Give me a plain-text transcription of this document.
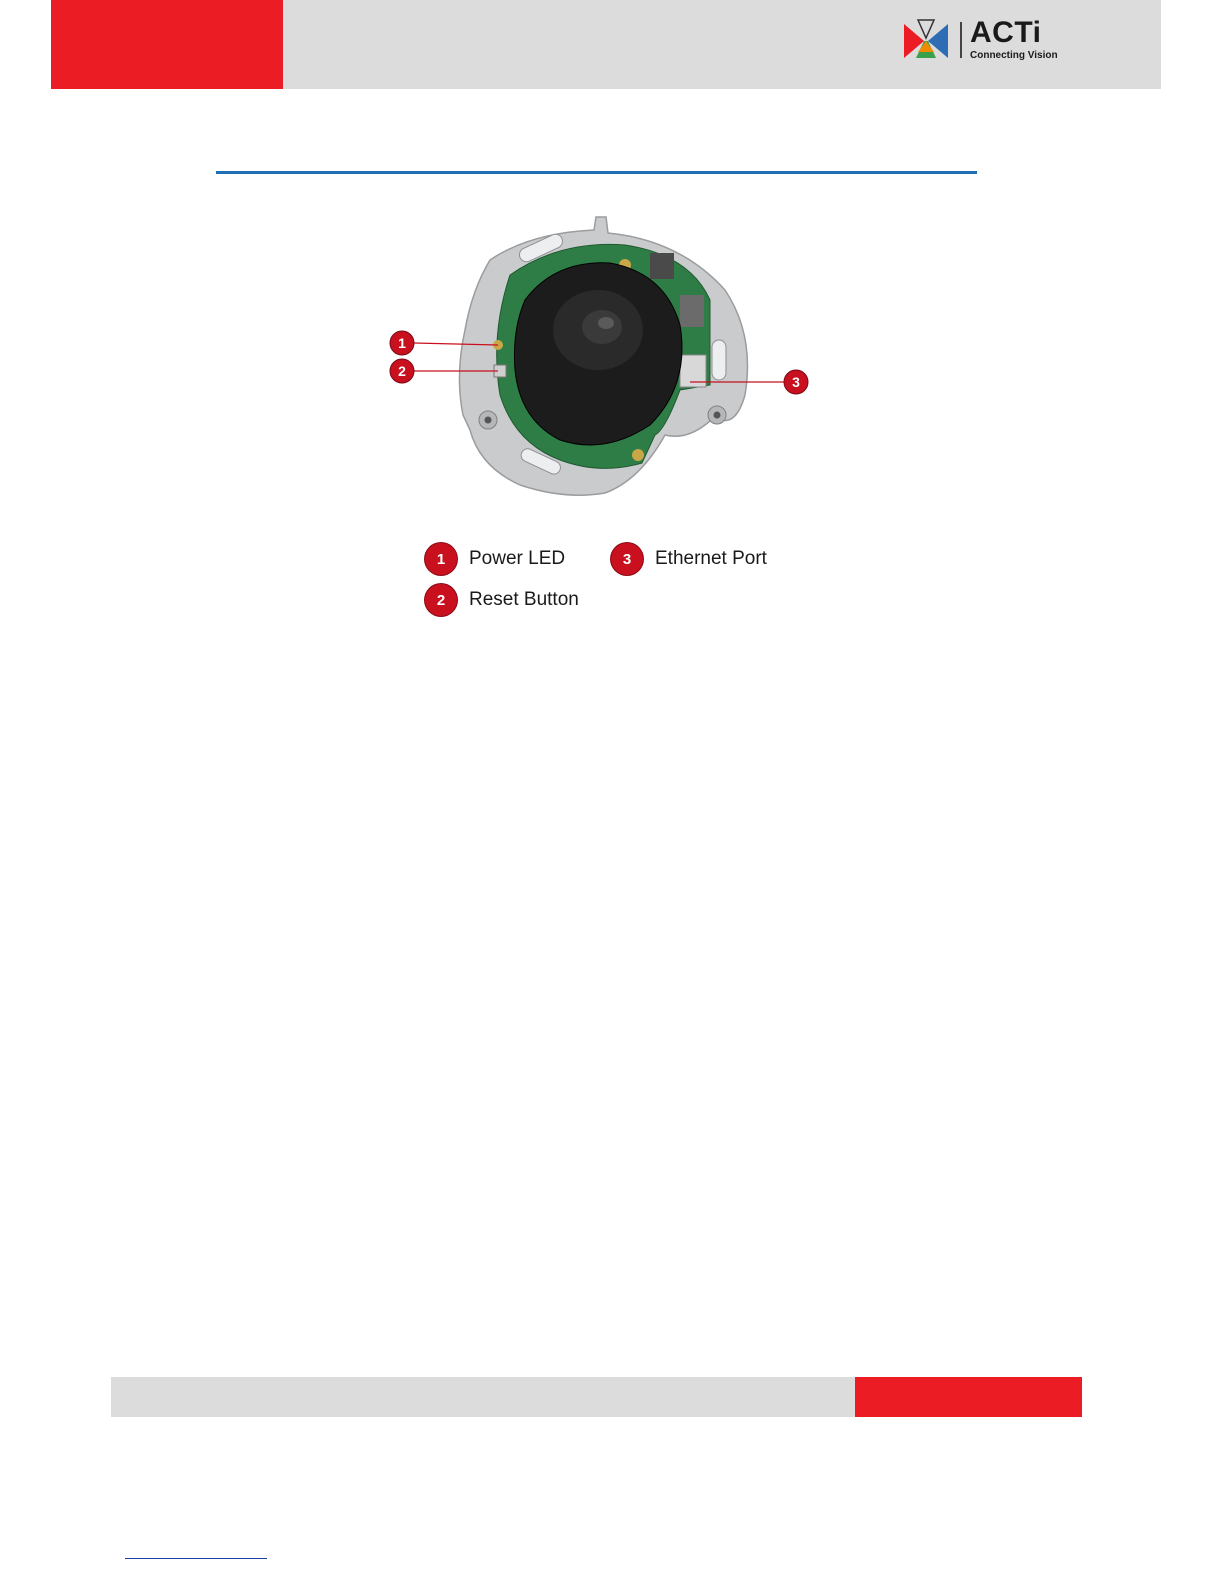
ACTi
Connecting Vision
1
2
3
1	Power LED
2	Reset Button
3	Ethernet Port
